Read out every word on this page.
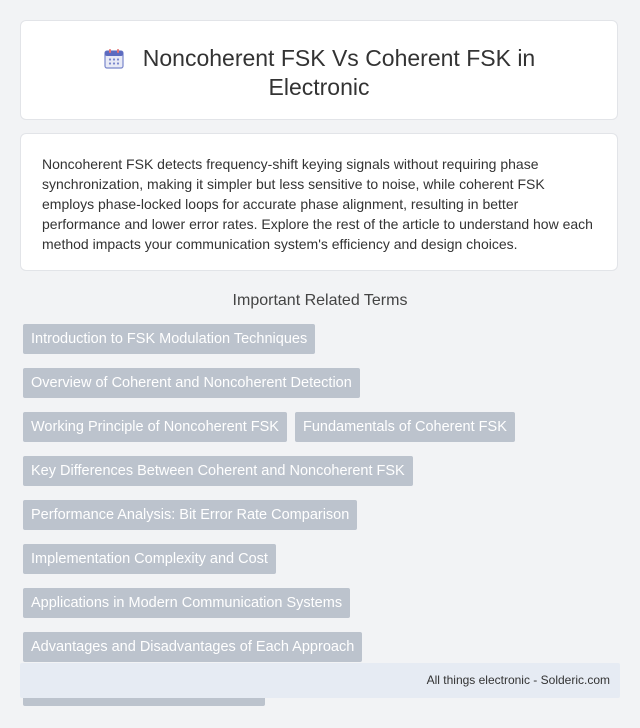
Noncoherent FSK Vs Coherent FSK in
Electronic

Noncoherent FSK detects frequency-shift keying signals without requiring phase synchronization, making it simpler but less sensitive to noise, while coherent FSK employs phase-locked loops for accurate phase alignment, resulting in better performance and lower error rates. Explore the rest of the article to understand how each method impacts your communication system's efficiency and design choices.

Important Related Terms
Introduction to FSK Modulation Techniques
Overview of Coherent and Noncoherent Detection
Working Principle of Noncoherent FSK	Fundamentals of Coherent FSK
Key Differences Between Coherent and Noncoherent FSK
Performance Analysis: Bit Error Rate Comparison
Implementation Complexity and Cost
Applications in Modern Communication Systems
Advantages and Disadvantages of Each Approach
All things electronic - Solderic.com
